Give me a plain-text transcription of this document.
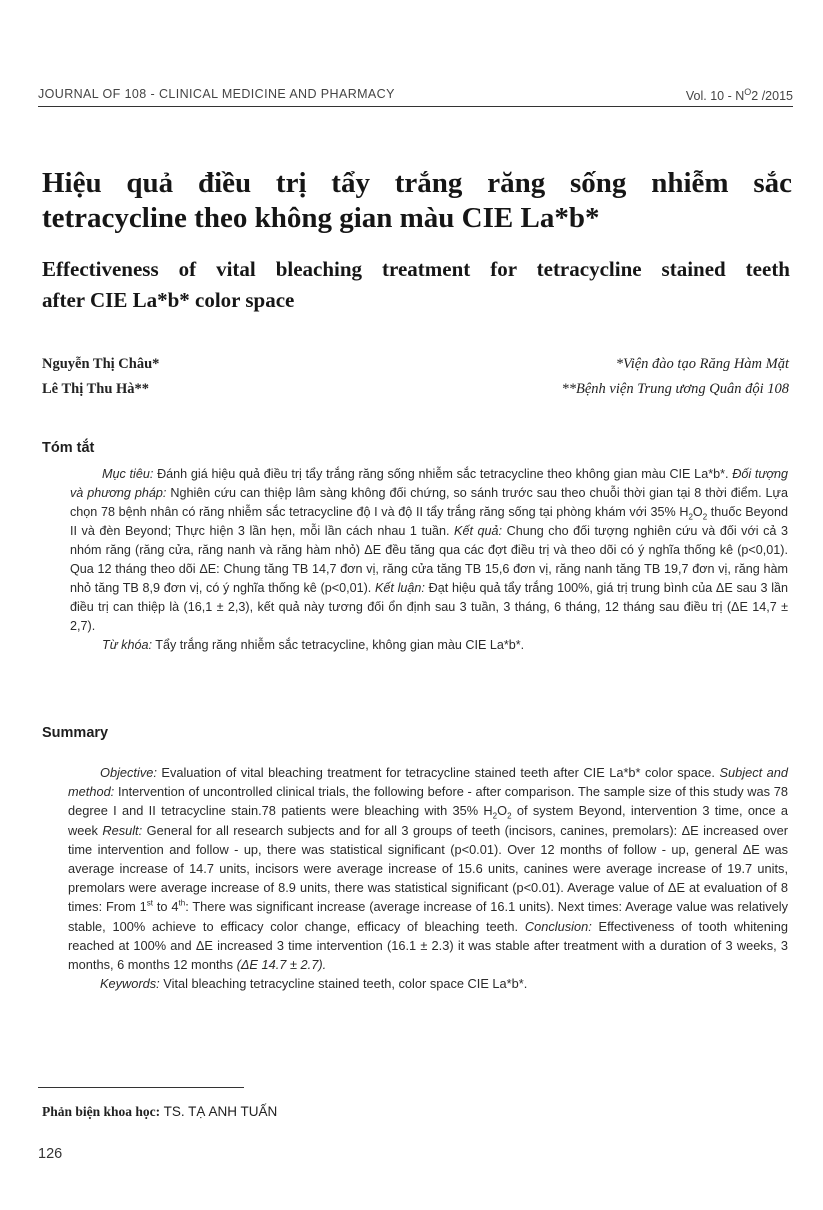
JOURNAL OF 108 - CLINICAL MEDICINE AND PHARMACY	Vol. $10 - N^O2$ /2015
Hiệu quả điều trị tẩy trắng răng sống nhiễm sắc
tetracycline theo không gian màu CIE La*b*
Effectiveness of vital bleaching treatment for tetracycline stained teeth
after CIE La*b* color space
Nguyễn Thị Châu*
Lê Thị Thu Hà**
*Viện đào tạo Răng Hàm Mặt
**Bệnh viện Trung ương Quân đội 108
Tóm tắt

Mục tiêu: Đánh giá hiệu quả điều trị tẩy trắng răng sống nhiễm sắc tetracycline theo không gian màu CIE La*b*. Đối tượng và phương pháp: Nghiên cứu can thiệp lâm sàng không đối chứng, so sánh trước sau theo chuỗi thời gian tại 8 thời điểm. Lựa chọn 78 bệnh nhân có răng nhiễm sắc tetracycline độ I và độ II tẩy trắng răng sống tại phòng khám với 35% $H_2O_2$ thuốc Beyond II và đèn Beyond; Thực hiện 3 lần hẹn, mỗi lần cách nhau 1 tuần. Kết quả: Chung cho đối tượng nghiên cứu và đối với cả 3 nhóm răng (răng cửa, răng nanh và răng hàm nhỏ) ΔE đều tăng qua các đợt điều trị và theo dõi có ý nghĩa thống kê (p<0,01). Qua 12 tháng theo dõi ΔE: Chung tăng TB 14,7 đơn vị, răng cửa tăng TB 15,6 đơn vị, răng nanh tăng TB 19,7 đơn vị, răng hàm nhỏ tăng TB 8,9 đơn vị, có ý nghĩa thống kê (p<0,01). Kết luận: Đạt hiệu quả tẩy trắng 100%, giá trị trung bình của ΔE sau 3 lần điều trị can thiệp là (16,1 ± 2,3), kết quả này tương đối ổn định sau 3 tuần, 3 tháng, 6 tháng, 12 tháng sau điều trị (ΔE 14,7 ± 2,7).

Từ khóa: Tẩy trắng răng nhiễm sắc tetracycline, không gian màu CIE La*b*.

Summary

Objective: Evaluation of vital bleaching treatment for tetracycline stained teeth after CIE La*b* color space. Subject and method: Intervention of uncontrolled clinical trials, the following before - after comparison. The sample size of this study was 78 degree I and II tetracycline stain.78 patients were bleaching with 35% $H_2O_2$ of system Beyond, intervention 3 time, once a week Result: General for all research subjects and for all 3 groups of teeth (incisors, canines, premolars): ΔE increased over time intervention and follow - up, there was statistical significant (p<0.01). Over 12 months of follow - up, general ΔE was average increase of 14.7 units, incisors were average increase of 15.6 units, canines were average increase of 19.7 units, premolars were average increase of 8.9 units, there was statistical significant (p<0.01). Average value of ΔE at evaluation of 8 times: From 1st to 4th: There was significant increase (average increase of 16.1 units). Next times: Average value was relatively stable, 100% achieve to efficacy color change, efficacy of bleaching teeth. Conclusion: Effectiveness of tooth whitening reached at 100% and ΔE increased 3 time intervention (16.1 ± 2.3) it was stable after treatment with a duration of 3 weeks, 3 months, 6 months 12 months (ΔE 14.7 ± 2.7).

Keywords: Vital bleaching tetracycline stained teeth, color space CIE La*b*.

Phản biện khoa học: TS. TẠ ANH TUẤN
126
